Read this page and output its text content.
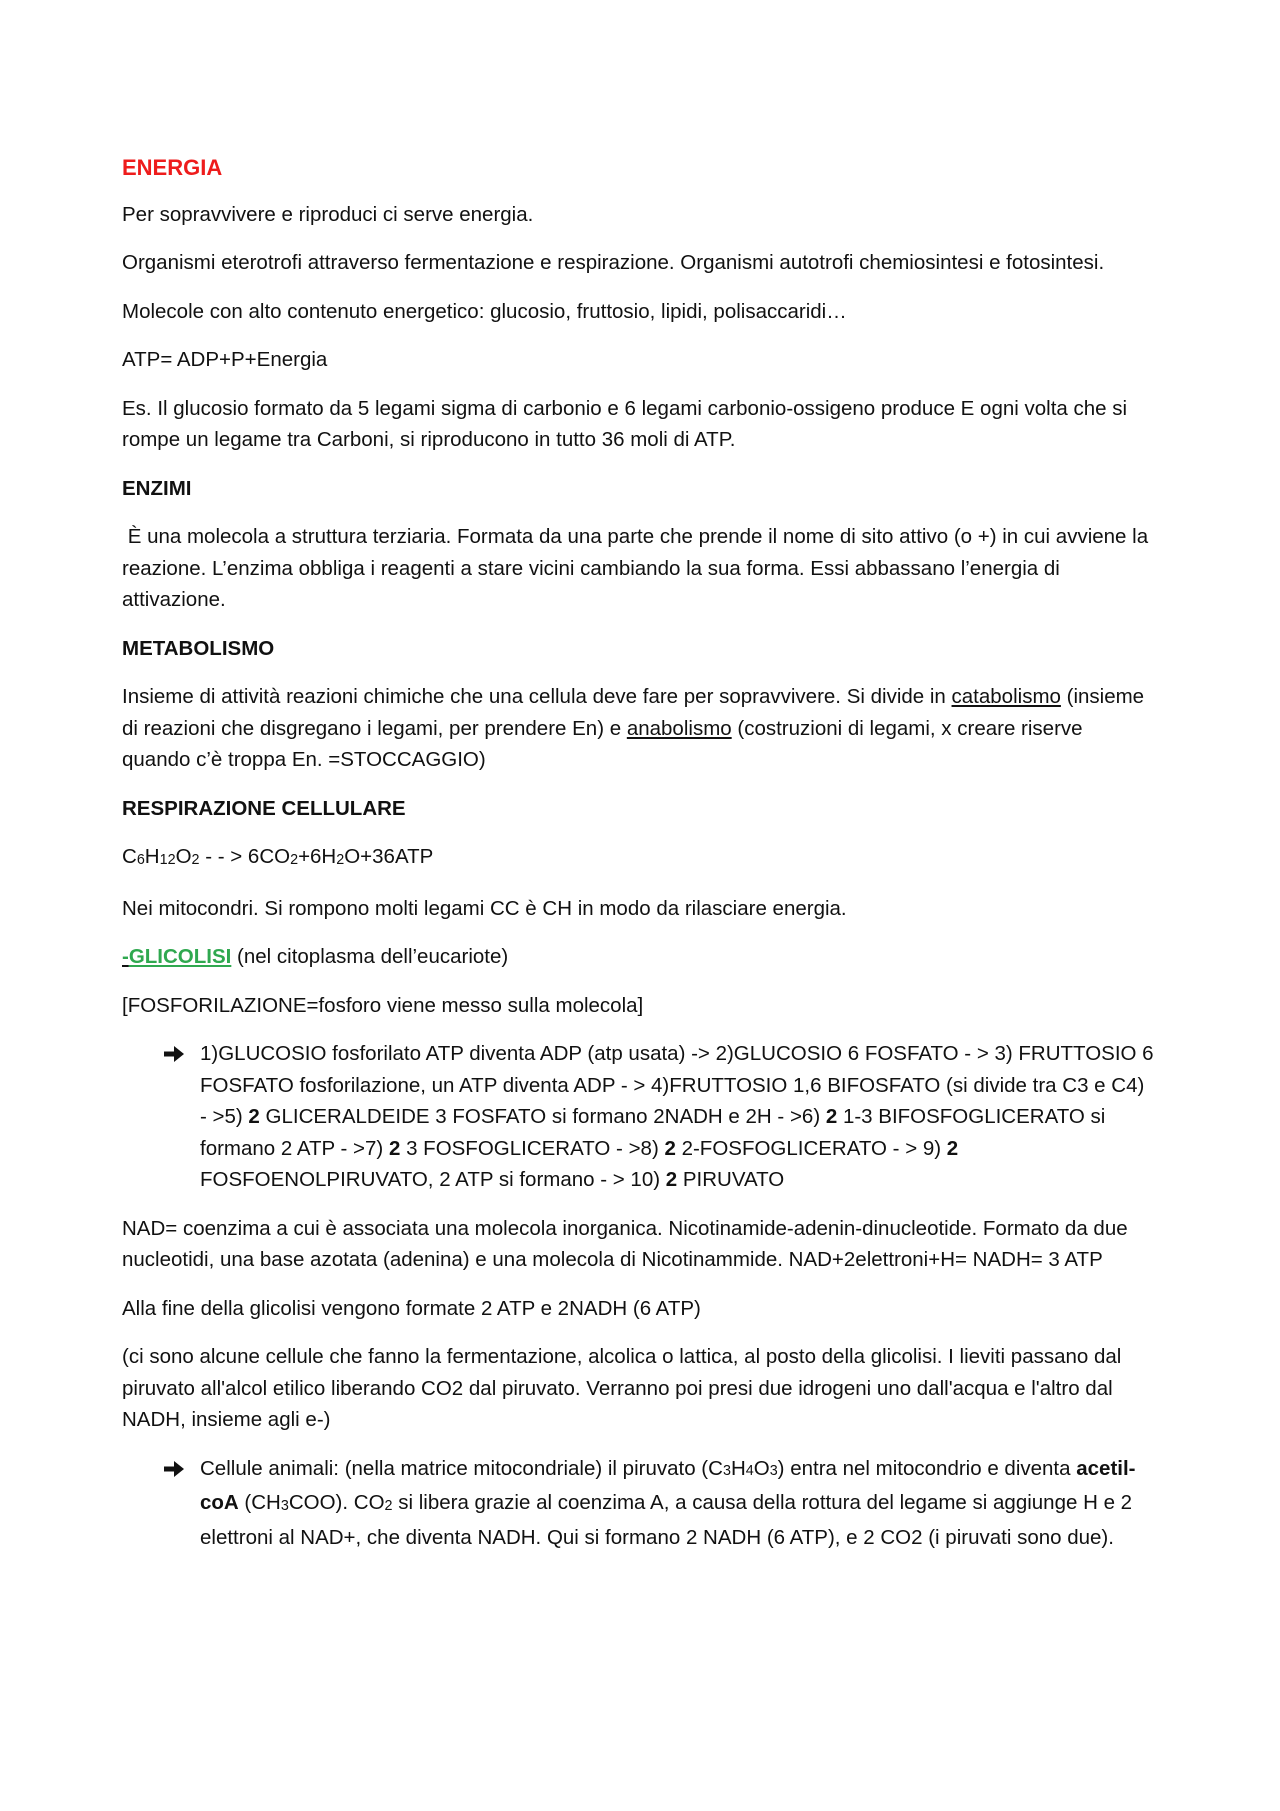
ENERGIA
Per sopravvivere e riproduci ci serve energia.
Organismi eterotrofi attraverso fermentazione e respirazione. Organismi autotrofi chemiosintesi e fotosintesi.
Molecole con alto contenuto energetico: glucosio, fruttosio, lipidi, polisaccaridi…
ATP= ADP+P+Energia
Es. Il glucosio formato da 5 legami sigma di carbonio e 6 legami carbonio-ossigeno produce E ogni volta che si rompe un legame tra Carboni, si riproducono in tutto 36 moli di ATP.
ENZIMI
È una molecola a struttura terziaria. Formata da una parte che prende il nome di sito attivo (o +) in cui avviene la reazione. L’enzima obbliga i reagenti a stare vicini cambiando la sua forma. Essi abbassano l’energia di attivazione.
METABOLISMO
Insieme di attività reazioni chimiche che una cellula deve fare per sopravvivere. Si divide in catabolismo (insieme di reazioni che disgregano i legami, per prendere En) e anabolismo (costruzioni di legami, x creare riserve quando c’è troppa En. =STOCCAGGIO)
RESPIRAZIONE CELLULARE
$C_6H_{12}O_2$ - - > $6CO_2+6H_2O+36ATP$
Nei mitocondri. Si rompono molti legami CC è CH in modo da rilasciare energia.
-GLICOLISI (nel citoplasma dell’eucariote)
[FOSFORILAZIONE=fosforo viene messo sulla molecola]
1)GLUCOSIO fosforilato ATP diventa ADP (atp usata) -> 2)GLUCOSIO 6 FOSFATO - > 3) FRUTTOSIO 6 FOSFATO fosforilazione, un ATP diventa ADP - > 4)FRUTTOSIO 1,6 BIFOSFATO (si divide tra C3 e C4) - >5) 2 GLICERALDEIDE 3 FOSFATO si formano 2NADH e 2H - >6) 2 1-3 BIFOSFOGLICERATO si formano 2 ATP - >7) 2 3 FOSFOGLICERATO - >8) 2 2-FOSFOGLICERATO - > 9) 2 FOSFOENOLPIRUVATO, 2 ATP si formano - > 10) 2 PIRUVATO
NAD= coenzima a cui è associata una molecola inorganica. Nicotinamide-adenin-dinucleotide. Formato da due nucleotidi, una base azotata (adenina) e una molecola di Nicotinammide. NAD+2elettroni+H= NADH= 3 ATP
Alla fine della glicolisi vengono formate 2 ATP e 2NADH (6 ATP)
(ci sono alcune cellule che fanno la fermentazione, alcolica o lattica, al posto della glicolisi. I lieviti passano dal piruvato all'alcol etilico liberando CO2 dal piruvato. Verranno poi presi due idrogeni uno dall'acqua e l'altro dal NADH, insieme agli e-)
Cellule animali: (nella matrice mitocondriale) il piruvato $(C_3H_4O_3)$ entra nel mitocondrio e diventa acetil-coA $(CH_3COO)$. $CO_2$ si libera grazie al coenzima A, a causa della rottura del legame si aggiunge H e 2 elettroni al NAD+, che diventa NADH. Qui si formano 2 NADH (6 ATP), e 2 CO2 (i piruvati sono due).
